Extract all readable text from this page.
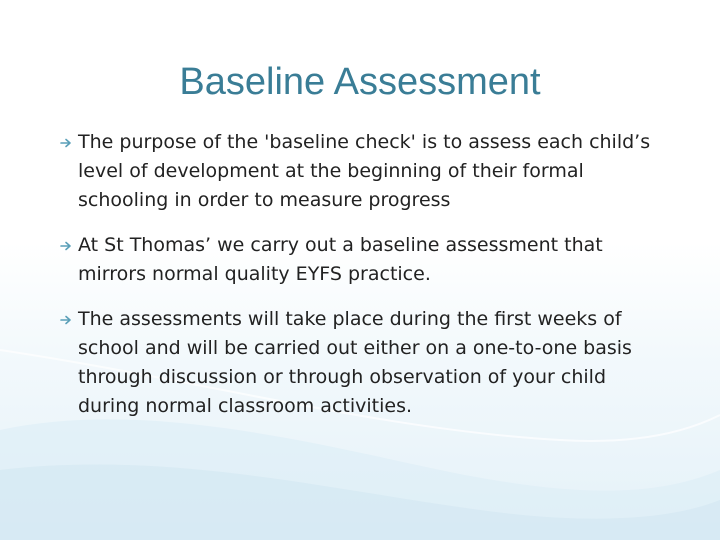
Baseline Assessment
The purpose of the 'baseline check' is to assess each child’s level of development at the beginning of their formal schooling in order to measure progress
At St Thomas’ we carry out a baseline assessment that mirrors normal quality EYFS practice.
The assessments will take place during the first weeks of school and will be carried out either on a one-to-one basis through discussion or through observation of your child during normal classroom activities.
